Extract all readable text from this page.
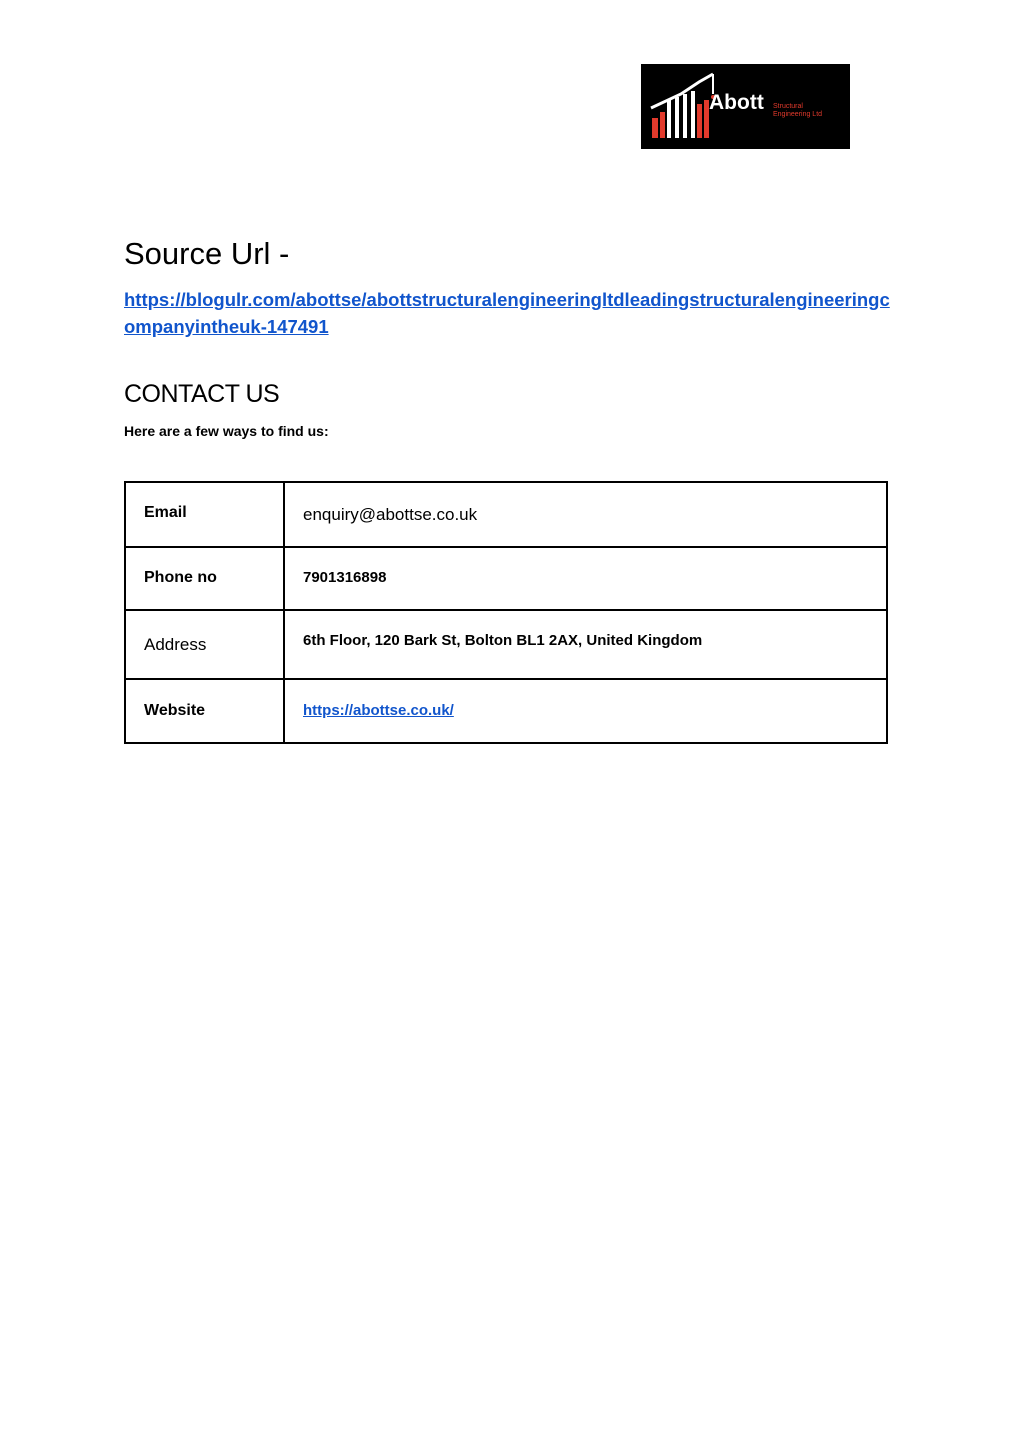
Abott Structural
Engineering Ltd
Source Url -
https://blogulr.com/abottse/abottstructuralengineeringltdleadingstructuralengineeringcompanyintheuk-147491
CONTACT US
Here are a few ways to find us:
Email	enquiry@abottse.co.uk

Phone no	7901316898

Address	6th Floor, 120 Bark St, Bolton BL1 2AX, United Kingdom

Website	https://abottse.co.uk/
